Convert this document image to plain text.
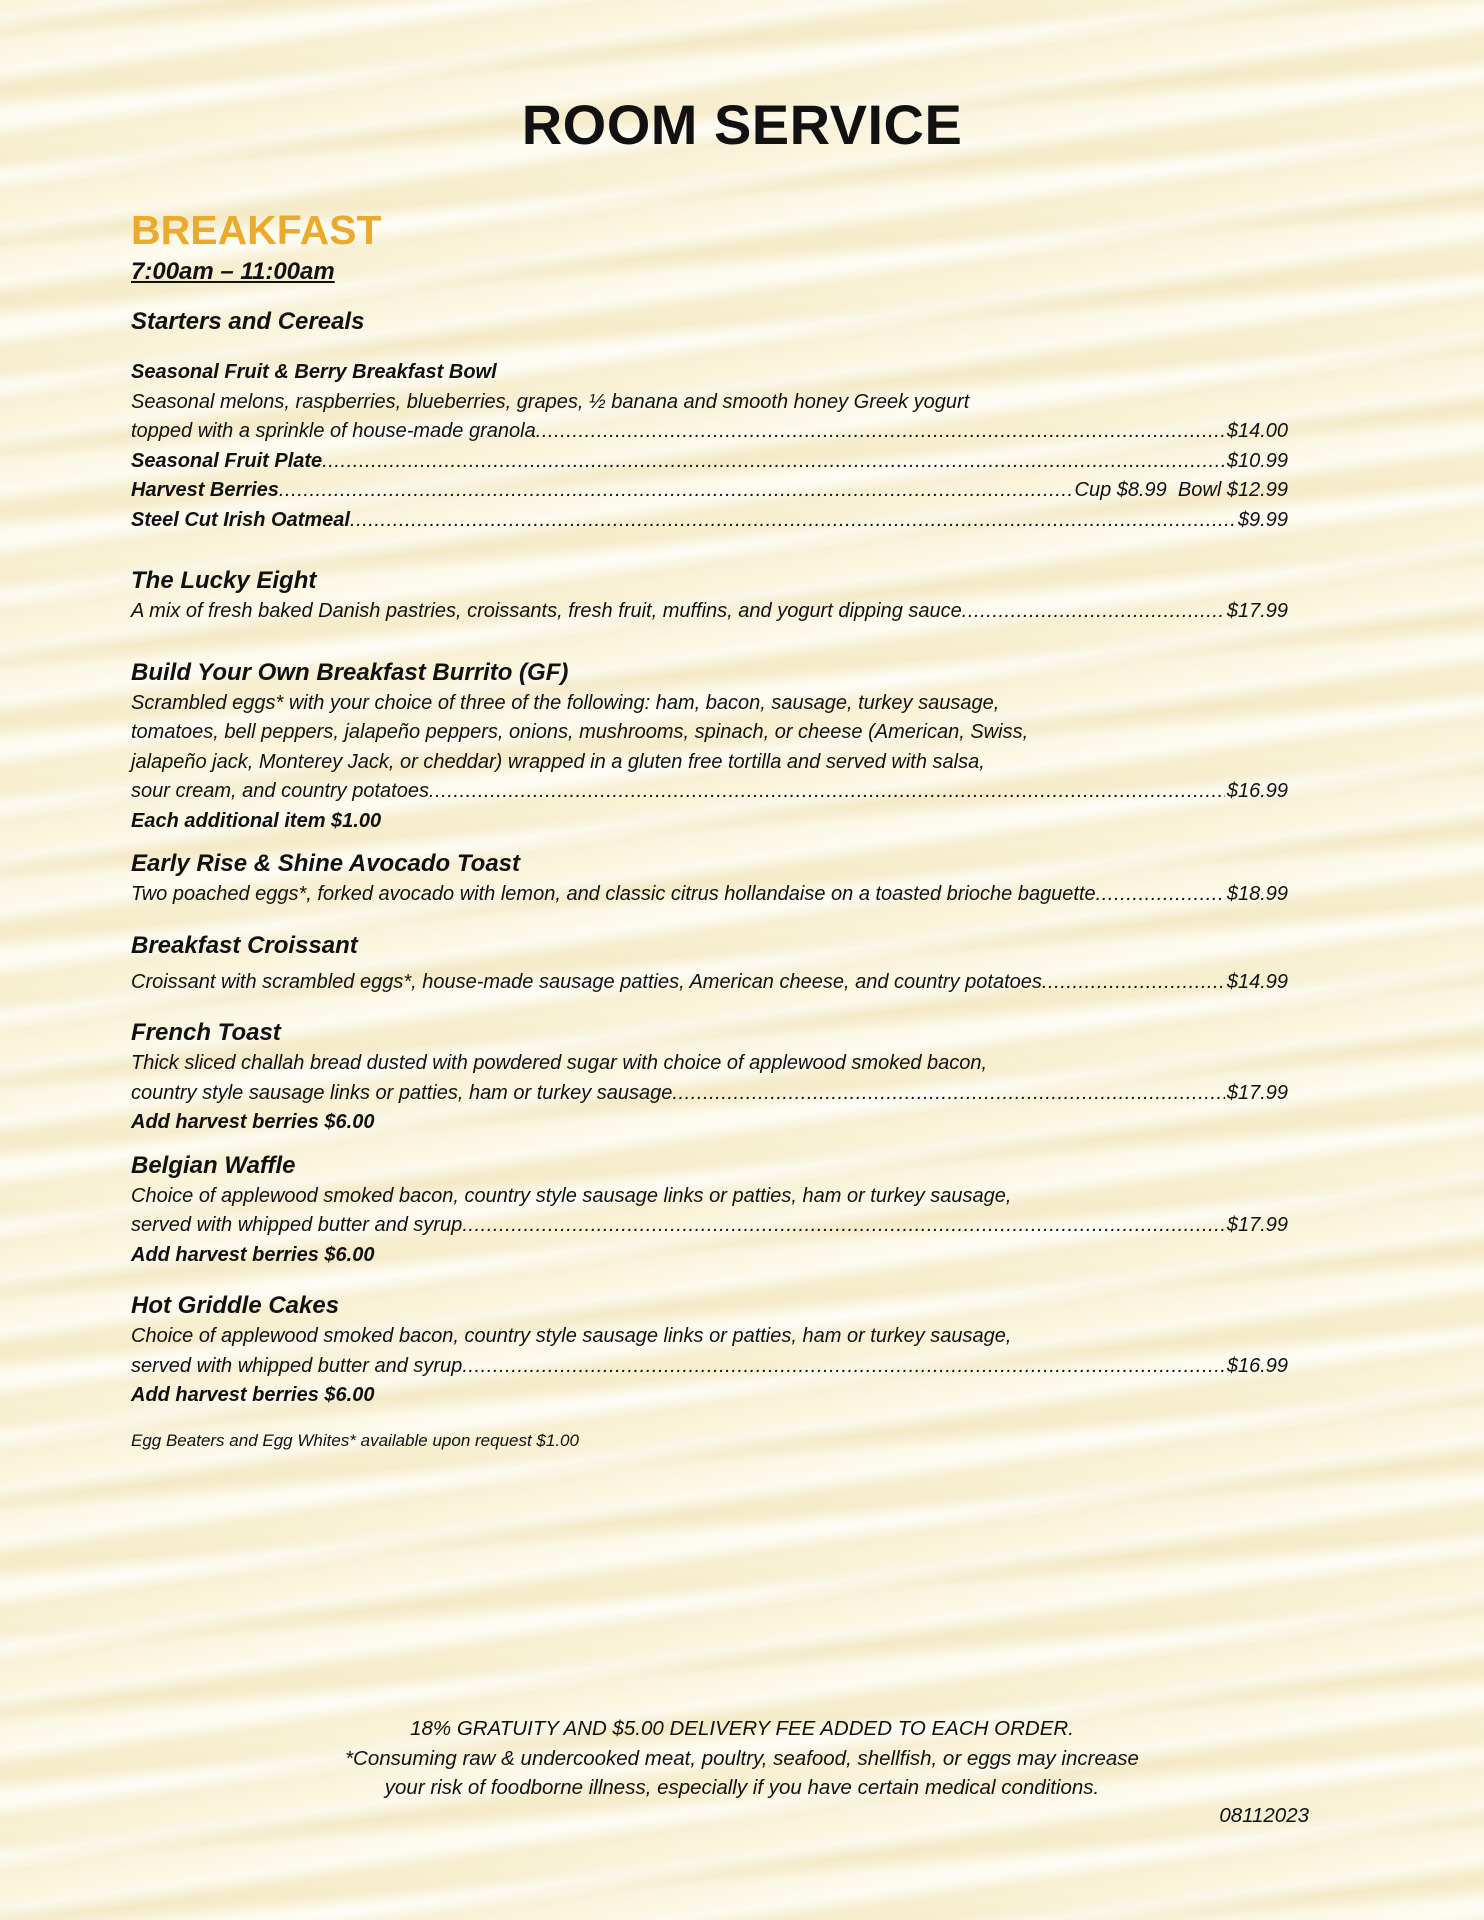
ROOM SERVICE
BREAKFAST
7:00am – 11:00am
Starters and Cereals
Seasonal Fruit & Berry Breakfast Bowl
Seasonal melons, raspberries, blueberries, grapes, ½ banana and smooth honey Greek yogurt
topped with a sprinkle of house-made granola . . .	$14.00
Seasonal Fruit Plate . . .	$10.99
Harvest Berries . . .	Cup $8.99  Bowl $12.99
Steel Cut Irish Oatmeal . . .	$9.99
The Lucky Eight
A mix of fresh baked Danish pastries, croissants, fresh fruit, muffins, and yogurt dipping sauce . . .	$17.99
Build Your Own Breakfast Burrito (GF)
Scrambled eggs* with your choice of three of the following: ham, bacon, sausage, turkey sausage,
tomatoes, bell peppers, jalapeño peppers, onions, mushrooms, spinach, or cheese (American, Swiss,
jalapeño jack, Monterey Jack, or cheddar) wrapped in a gluten free tortilla and served with salsa,
sour cream, and country potatoes . . .	$16.99
Each additional item $1.00
Early Rise & Shine Avocado Toast
Two poached eggs*, forked avocado with lemon, and classic citrus hollandaise on a toasted brioche baguette . . .	$18.99
Breakfast Croissant
Croissant with scrambled eggs*, house-made sausage patties, American cheese, and country potatoes . . .	$14.99
French Toast
Thick sliced challah bread dusted with powdered sugar with choice of applewood smoked bacon,
country style sausage links or patties, ham or turkey sausage . . .	$17.99
Add harvest berries $6.00
Belgian Waffle
Choice of applewood smoked bacon, country style sausage links or patties, ham or turkey sausage,
served with whipped butter and syrup . . .	$17.99
Add harvest berries $6.00
Hot Griddle Cakes
Choice of applewood smoked bacon, country style sausage links or patties, ham or turkey sausage,
served with whipped butter and syrup . . .	$16.99
Add harvest berries $6.00
Egg Beaters and Egg Whites* available upon request $1.00
18% GRATUITY AND $5.00 DELIVERY FEE ADDED TO EACH ORDER.
*Consuming raw & undercooked meat, poultry, seafood, shellfish, or eggs may increase
your risk of foodborne illness, especially if you have certain medical conditions.
08112023
